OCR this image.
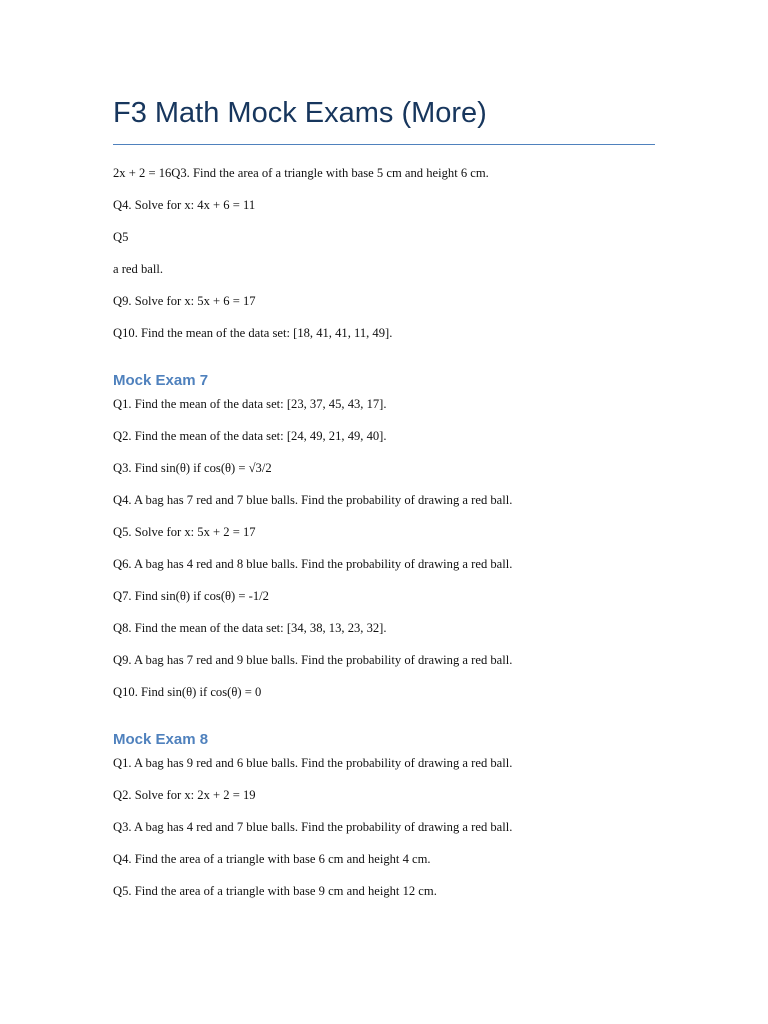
F3 Math Mock Exams (More)

2x + 2 = 16Q3. Find the area of a triangle with base 5 cm and height 6 cm.

Q4. Solve for x: 4x + 6 = 11

Q5

a red ball.

Q9. Solve for x: 5x + 6 = 17

Q10. Find the mean of the data set: [18, 41, 41, 11, 49].

Mock Exam 7

Q1. Find the mean of the data set: [23, 37, 45, 43, 17].

Q2. Find the mean of the data set: [24, 49, 21, 49, 40].

Q3. Find sin(θ) if cos(θ) = √3/2

Q4. A bag has 7 red and 7 blue balls. Find the probability of drawing a red ball.

Q5. Solve for x: 5x + 2 = 17

Q6. A bag has 4 red and 8 blue balls. Find the probability of drawing a red ball.

Q7. Find sin(θ) if cos(θ) = -1/2

Q8. Find the mean of the data set: [34, 38, 13, 23, 32].

Q9. A bag has 7 red and 9 blue balls. Find the probability of drawing a red ball.

Q10. Find sin(θ) if cos(θ) = 0

Mock Exam 8

Q1. A bag has 9 red and 6 blue balls. Find the probability of drawing a red ball.

Q2. Solve for x: 2x + 2 = 19

Q3. A bag has 4 red and 7 blue balls. Find the probability of drawing a red ball.

Q4. Find the area of a triangle with base 6 cm and height 4 cm.

Q5. Find the area of a triangle with base 9 cm and height 12 cm.
